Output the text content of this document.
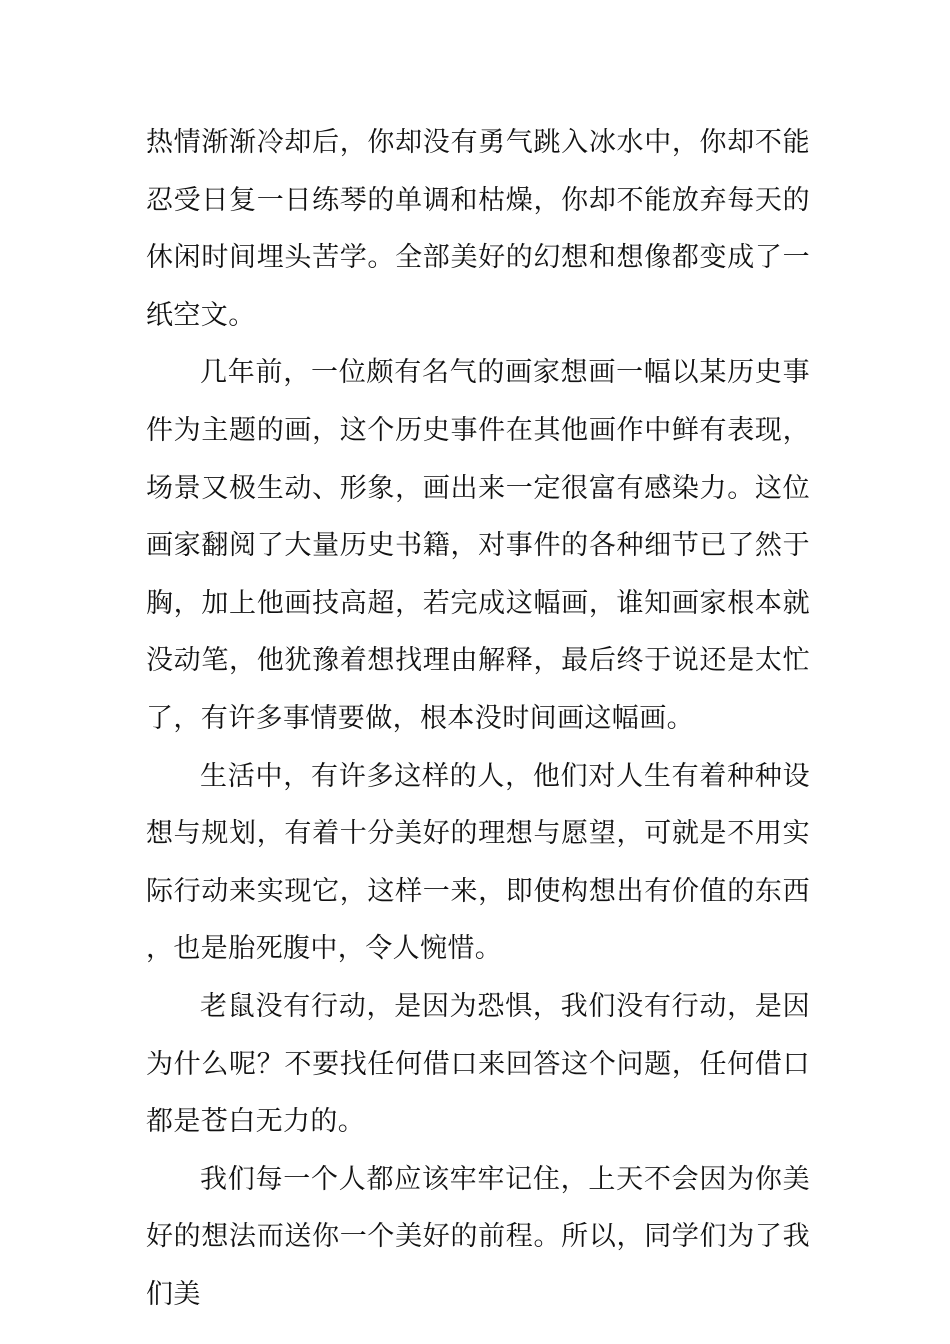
热情渐渐冷却后，你却没有勇气跳入冰水中，你却不能忍受日复一日练琴的单调和枯燥，你却不能放弃每天的休闲时间埋头苦学。全部美好的幻想和想像都变成了一纸空文。

几年前，一位颇有名气的画家想画一幅以某历史事件为主题的画，这个历史事件在其他画作中鲜有表现，场景又极生动、形象，画出来一定很富有感染力。这位画家翻阅了大量历史书籍，对事件的各种细节已了然于胸，加上他画技高超，若完成这幅画，谁知画家根本就没动笔，他犹豫着想找理由解释，最后终于说还是太忙了，有许多事情要做，根本没时间画这幅画。

生活中，有许多这样的人，他们对人生有着种种设想与规划，有着十分美好的理想与愿望，可就是不用实际行动来实现它，这样一来，即使构想出有价值的东西，也是胎死腹中，令人惋惜。

老鼠没有行动，是因为恐惧，我们没有行动，是因为什么呢？不要找任何借口来回答这个问题，任何借口都是苍白无力的。

我们每一个人都应该牢牢记住，上天不会因为你美好的想法而送你一个美好的前程。所以，同学们为了我们美
